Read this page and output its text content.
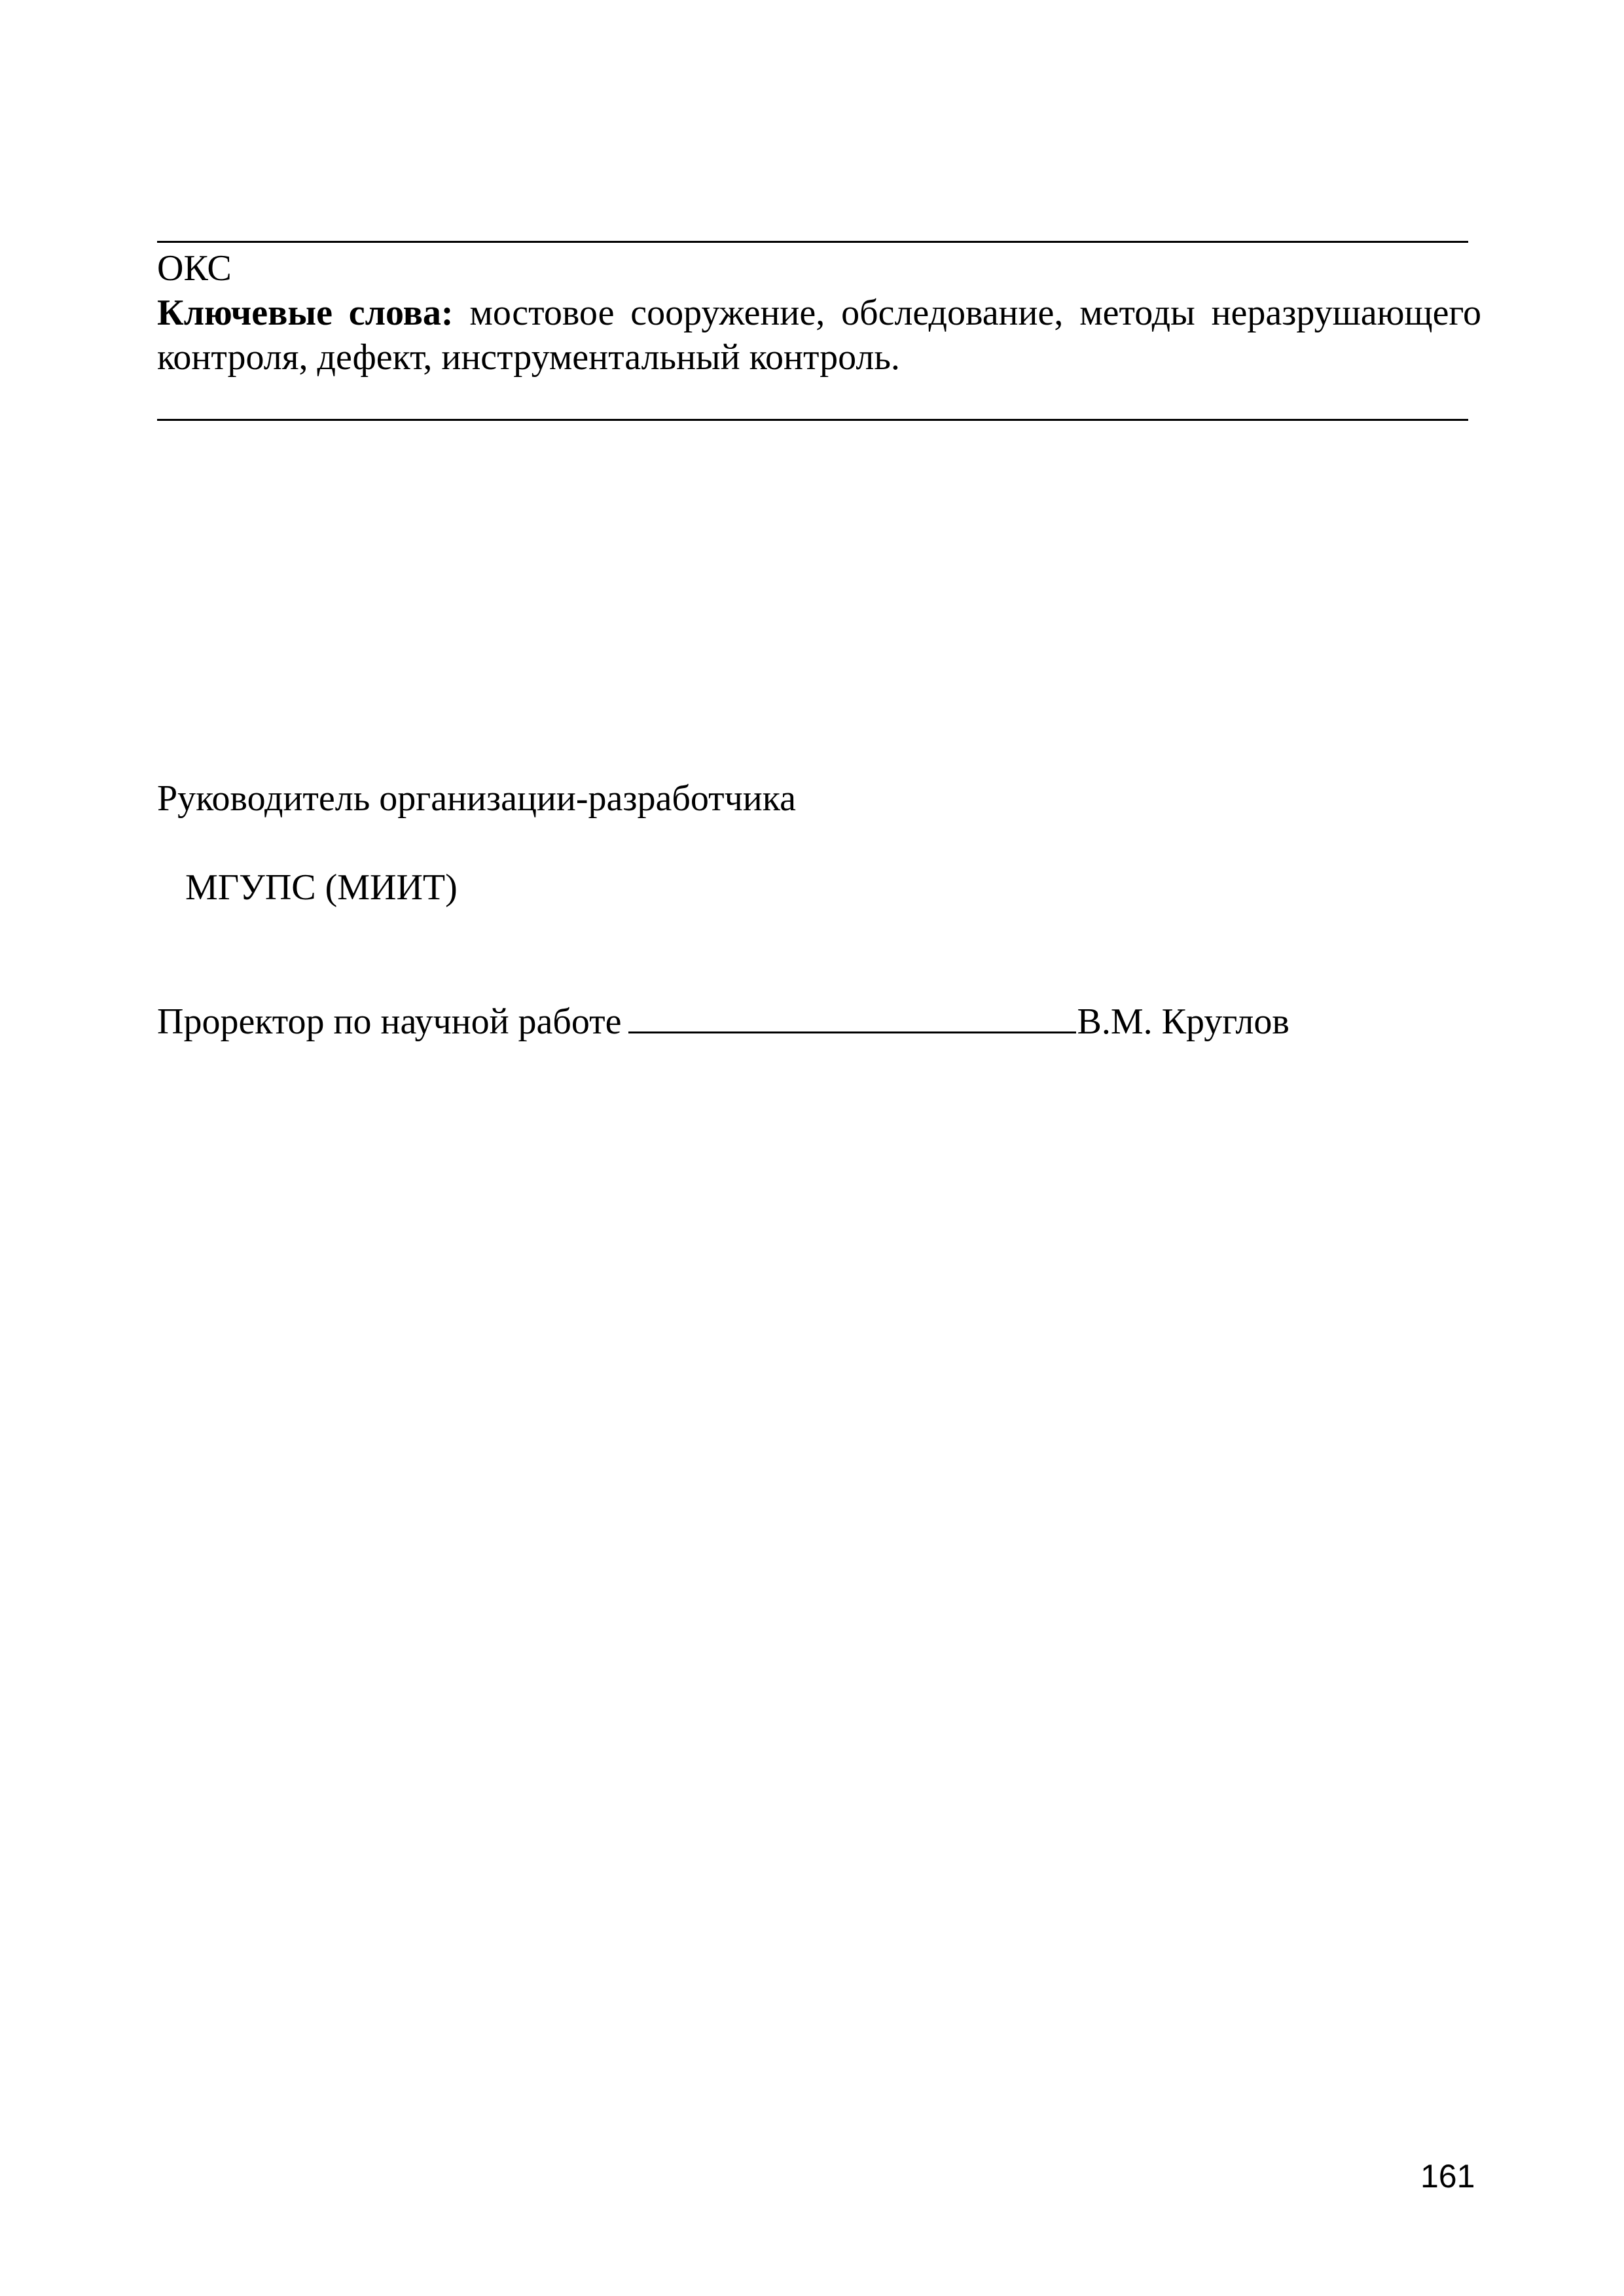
ОКС
Ключевые слова: мостовое сооружение, обследование, методы неразрушающего контроля, дефект, инструментальный контроль.
Руководитель организации-разработчика
МГУПС (МИИТ)
Проректор по научной работе	В.М. Круглов
161
